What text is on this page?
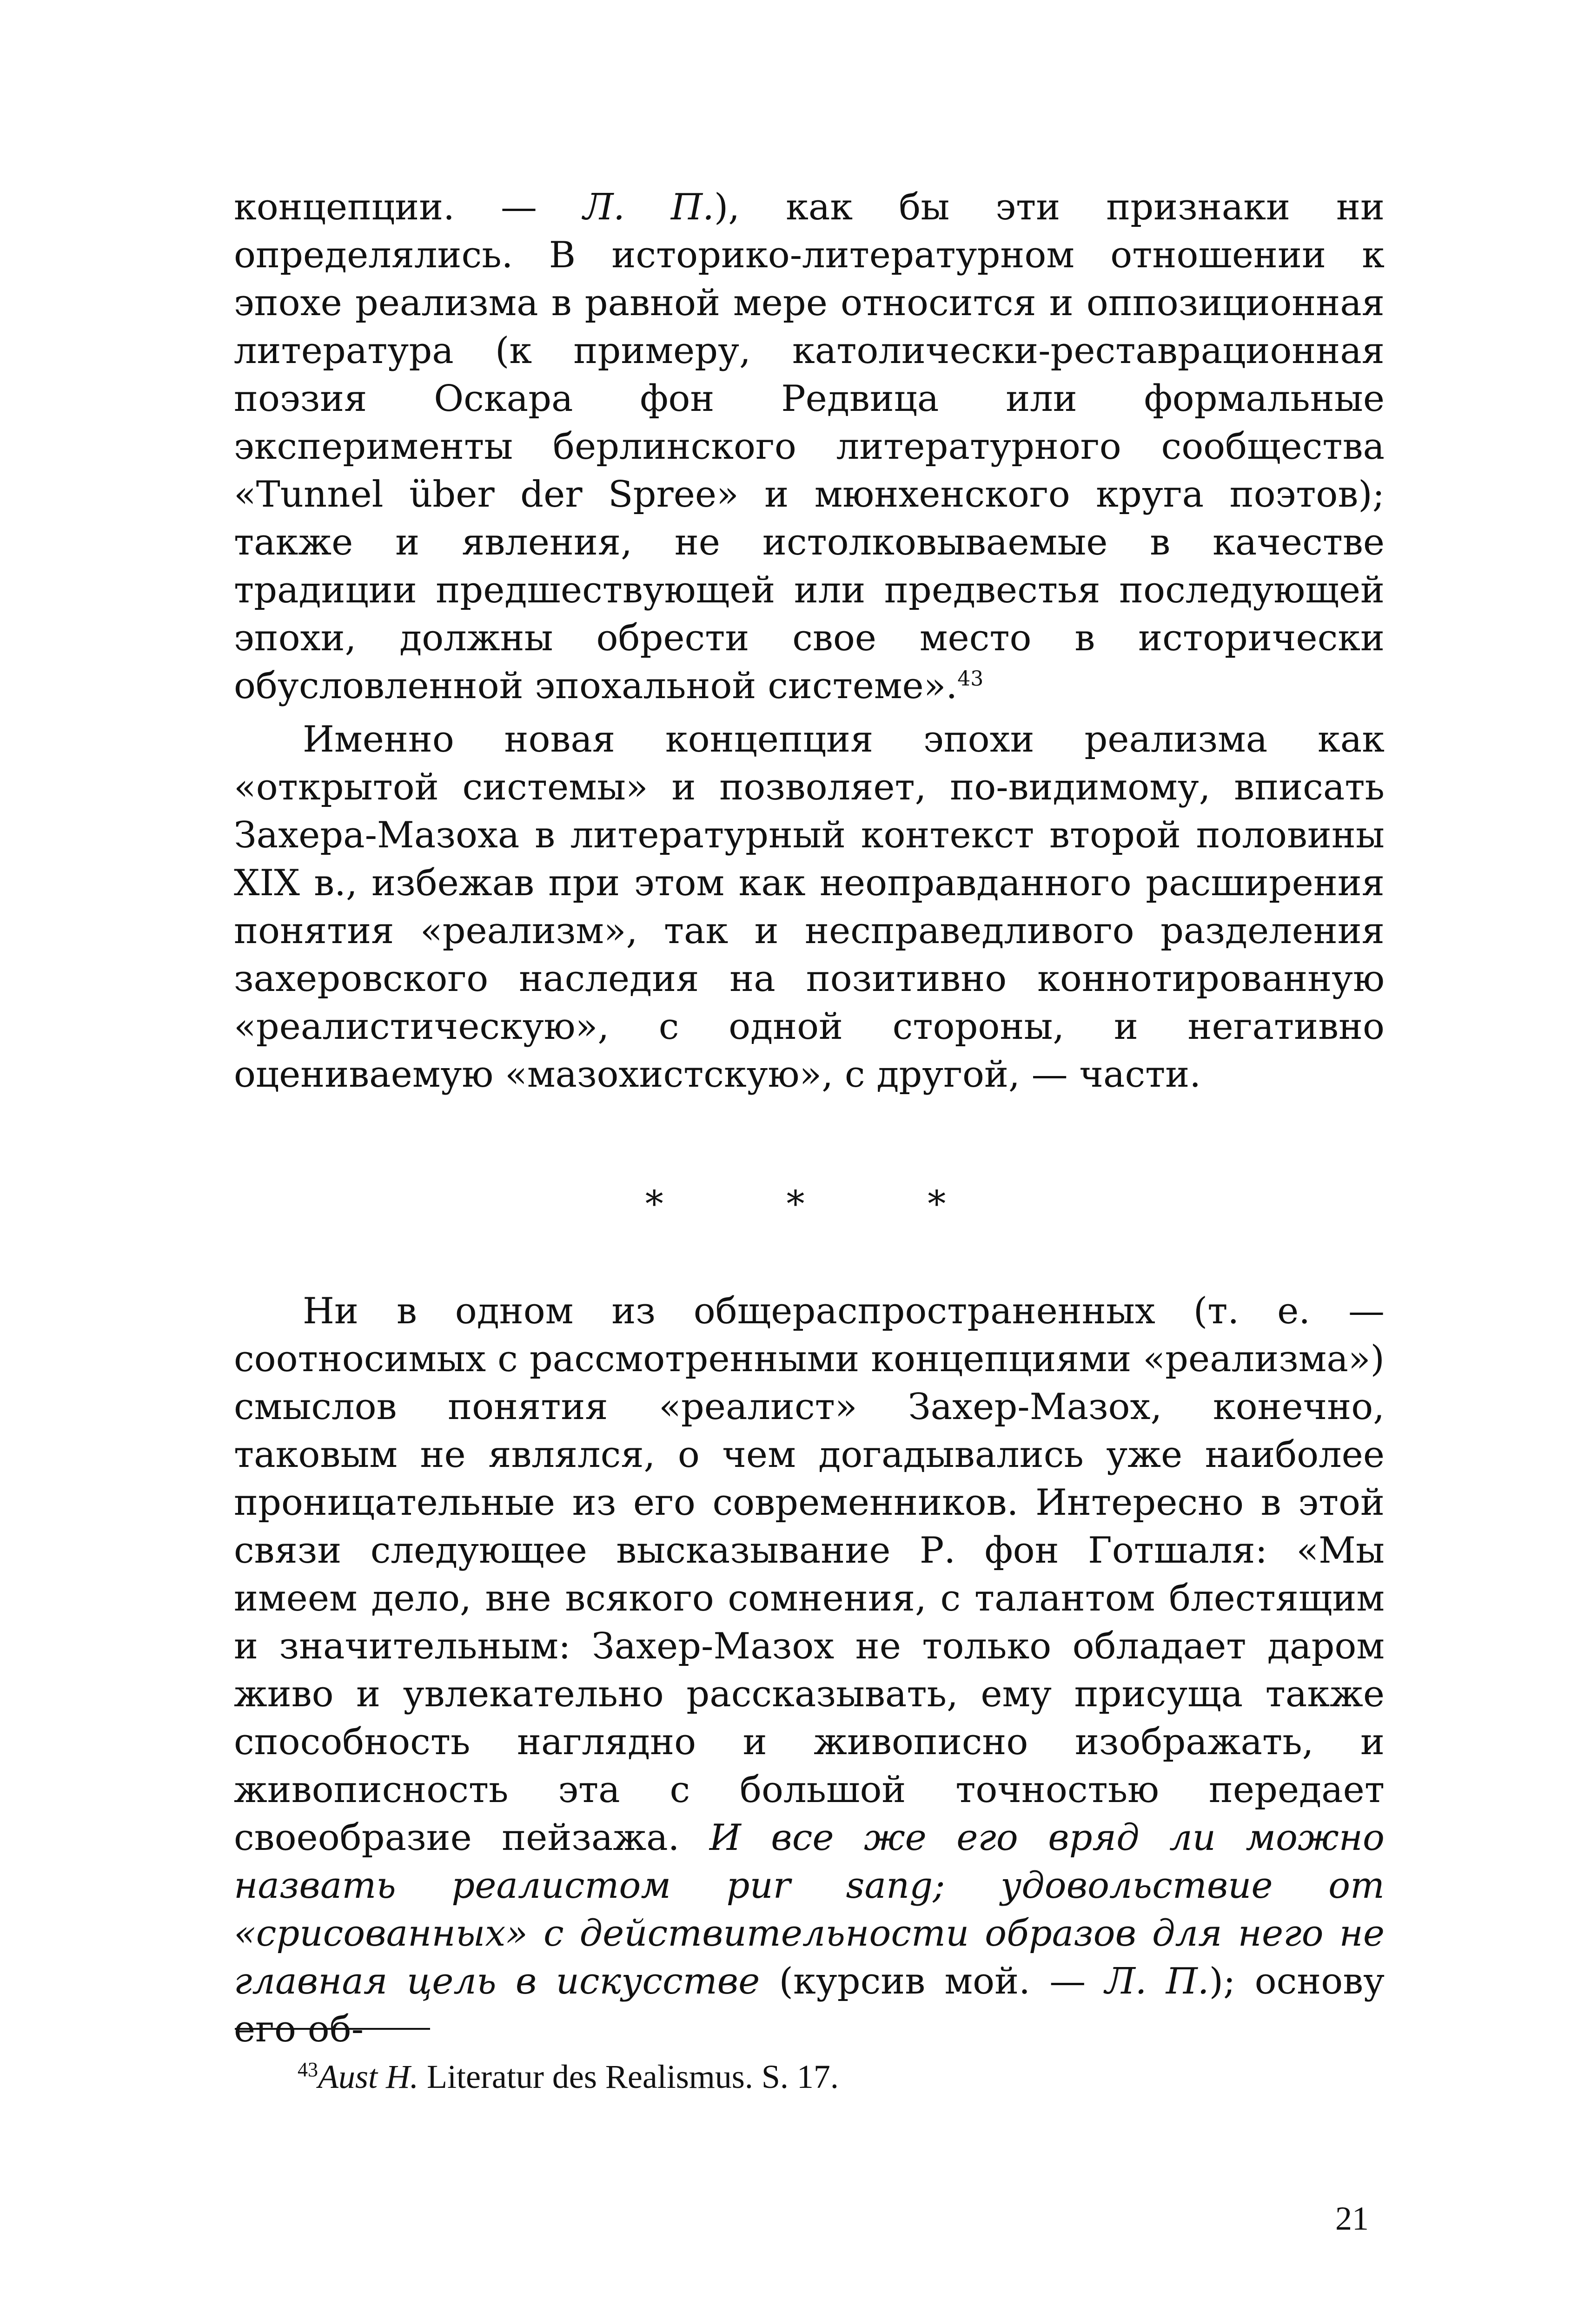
концепции. — Л. П.), как бы эти признаки ни определялись. В историко-литературном отношении к эпохе реализма в равной мере относится и оппозиционная литература (к примеру, католически-реставрационная поэзия Оскара фон Редвица или формальные эксперименты берлинского литературного сообщества «Tunnel über der Spree» и мюнхенского круга поэтов); также и явления, не истолковываемые в качестве традиции предшествующей или предвестья последующей эпохи, должны обрести свое место в исторически обусловленной эпохальной системе».$^{43}$
Именно новая концепция эпохи реализма как «открытой системы» и позволяет, по-видимому, вписать Захера-Мазоха в литературный контекст второй половины XIX в., избежав при этом как неоправданного расширения понятия «реализм», так и несправедливого разделения захеровского наследия на позитивно коннотированную «реалистическую», с одной стороны, и негативно оцениваемую «мазохистскую», с другой, — части.
* * *
Ни в одном из общераспространенных (т. е. — соотносимых с рассмотренными концепциями «реализма») смыслов понятия «реалист» Захер-Мазох, конечно, таковым не являлся, о чем догадывались уже наиболее проницательные из его современников. Интересно в этой связи следующее высказывание Р. фон Готшаля: «Мы имеем дело, вне всякого сомнения, с талантом блестящим и значительным: Захер-Мазох не только обладает даром живо и увлекательно рассказывать, ему присуща также способность наглядно и живописно изображать, и живописность эта с большой точностью передает своеобразие пейзажа. И все же его вряд ли можно назвать реалистом pur sang; удовольствие от «срисованных» с действительности образов для него не главная цель в искусстве (курсив мой. — Л. П.); основу его об-
$^{43}$Aust H. Literatur des Realismus. S. 17.
21
